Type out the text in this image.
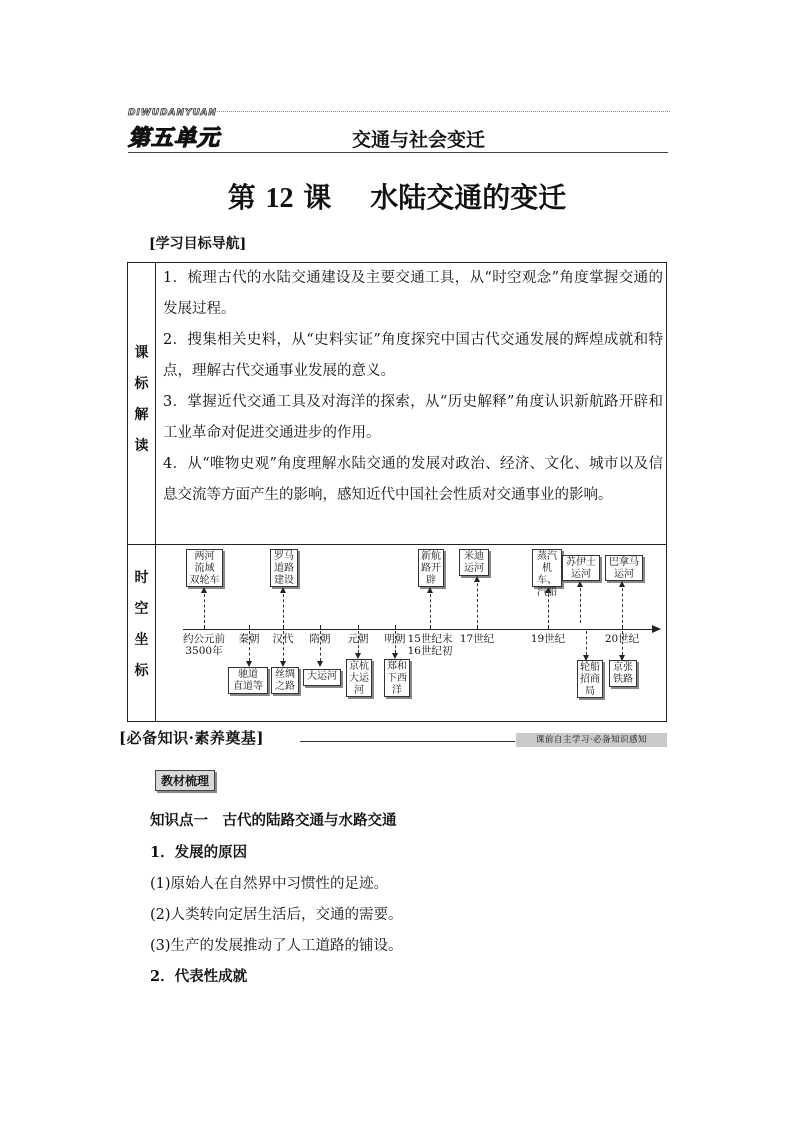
DIWUDANYUAN
第五单元	交通与社会变迁
第 12 课 水陆交通的变迁
[学习目标导航]
课
标
解
读

1．梳理古代的水陆交通建设及主要交通工具，从“时空观念”角度掌握交通的发展过程。

2．搜集相关史料，从“史料实证”角度探究中国古代交通发展的辉煌成就和特点，理解古代交通事业发展的意义。

3．掌握近代交通工具及对海洋的探索，从“历史解释”角度认识新航路开辟和工业革命对促进交通进步的作用。

4．从“唯物史观”角度理解水陆交通的发展对政治、经济、文化、城市以及信息交流等方面产生的影响，感知近代中国社会性质对交通事业的影响。

时
空
坐
标
约公元前
3500年
秦朝 汉代 隋朝 元朝 明朝 15世纪末
16世纪初
17世纪	19世纪	20世纪
两河
流域
双轮车
罗马
道路
建设
新航
路开
辟
米迪
运河
蒸汽
机车、
汽船
苏伊士
运河
巴拿马
运河
驰道
直道等
丝绸
之路
大运河
京杭
大运
河
郑和
下西
洋
轮船
招商
局
京张
铁路
[必备知识·素养奠基]	课前自主学习·必备知识感知
教材梳理
知识点一　古代的陆路交通与水路交通
1．发展的原因
(1)原始人在自然界中习惯性的足迹。
(2)人类转向定居生活后，交通的需要。
(3)生产的发展推动了人工道路的铺设。
2．代表性成就
